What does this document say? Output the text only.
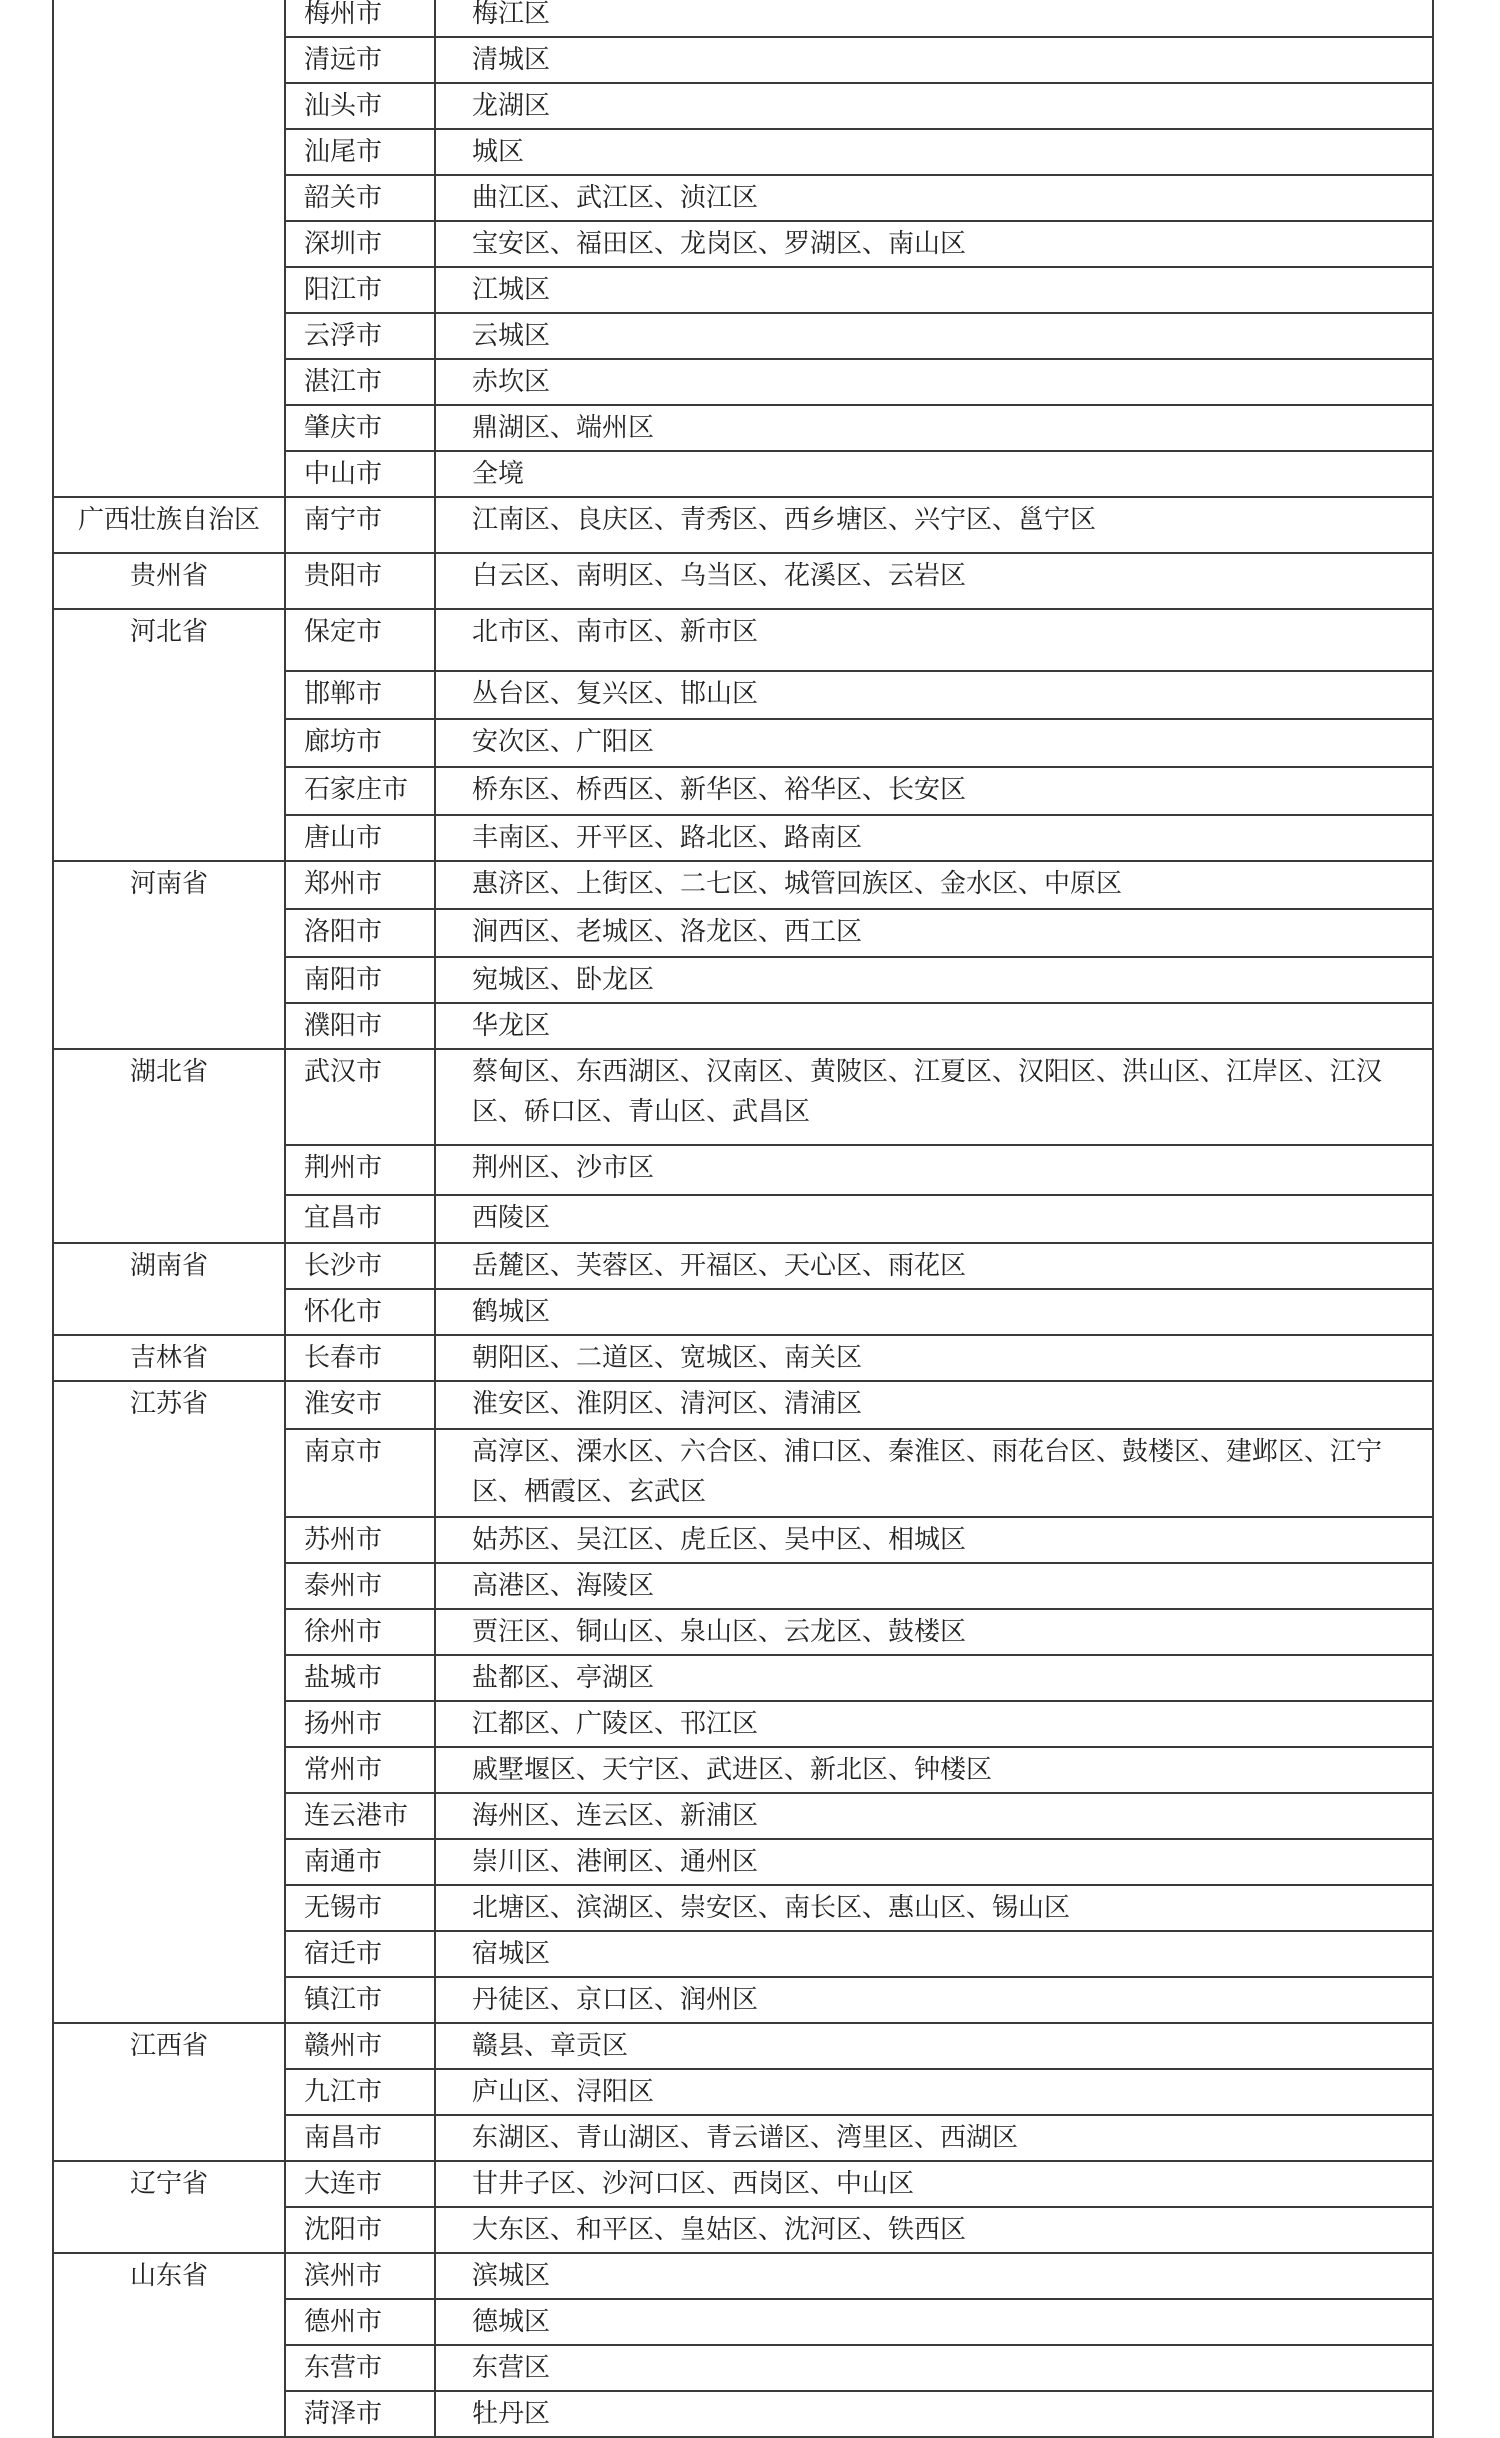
	梅州市	梅江区
	清远市	清城区
	汕头市	龙湖区
	汕尾市	城区
	韶关市	曲江区、武江区、浈江区
	深圳市	宝安区、福田区、龙岗区、罗湖区、南山区
	阳江市	江城区
	云浮市	云城区
	湛江市	赤坎区
	肇庆市	鼎湖区、端州区
	中山市	全境
广西壮族自治区	南宁市	江南区、良庆区、青秀区、西乡塘区、兴宁区、邕宁区
贵州省	贵阳市	白云区、南明区、乌当区、花溪区、云岩区
河北省	保定市	北市区、南市区、新市区
	邯郸市	丛台区、复兴区、邯山区
	廊坊市	安次区、广阳区
	石家庄市	桥东区、桥西区、新华区、裕华区、长安区
	唐山市	丰南区、开平区、路北区、路南区
河南省	郑州市	惠济区、上街区、二七区、城管回族区、金水区、中原区
	洛阳市	涧西区、老城区、洛龙区、西工区
	南阳市	宛城区、卧龙区
	濮阳市	华龙区
湖北省	武汉市	蔡甸区、东西湖区、汉南区、黄陂区、江夏区、汉阳区、洪山区、江岸区、江汉区、硚口区、青山区、武昌区
	荆州市	荆州区、沙市区
	宜昌市	西陵区
湖南省	长沙市	岳麓区、芙蓉区、开福区、天心区、雨花区
	怀化市	鹤城区
吉林省	长春市	朝阳区、二道区、宽城区、南关区
江苏省	淮安市	淮安区、淮阴区、清河区、清浦区
	南京市	高淳区、溧水区、六合区、浦口区、秦淮区、雨花台区、鼓楼区、建邺区、江宁区、栖霞区、玄武区
	苏州市	姑苏区、吴江区、虎丘区、吴中区、相城区
	泰州市	高港区、海陵区
	徐州市	贾汪区、铜山区、泉山区、云龙区、鼓楼区
	盐城市	盐都区、亭湖区
	扬州市	江都区、广陵区、邗江区
	常州市	戚墅堰区、天宁区、武进区、新北区、钟楼区
	连云港市	海州区、连云区、新浦区
	南通市	崇川区、港闸区、通州区
	无锡市	北塘区、滨湖区、崇安区、南长区、惠山区、锡山区
	宿迁市	宿城区
	镇江市	丹徒区、京口区、润州区
江西省	赣州市	赣县、章贡区
	九江市	庐山区、浔阳区
	南昌市	东湖区、青山湖区、青云谱区、湾里区、西湖区
辽宁省	大连市	甘井子区、沙河口区、西岗区、中山区
	沈阳市	大东区、和平区、皇姑区、沈河区、铁西区
山东省	滨州市	滨城区
	德州市	德城区
	东营市	东营区
	菏泽市	牡丹区
